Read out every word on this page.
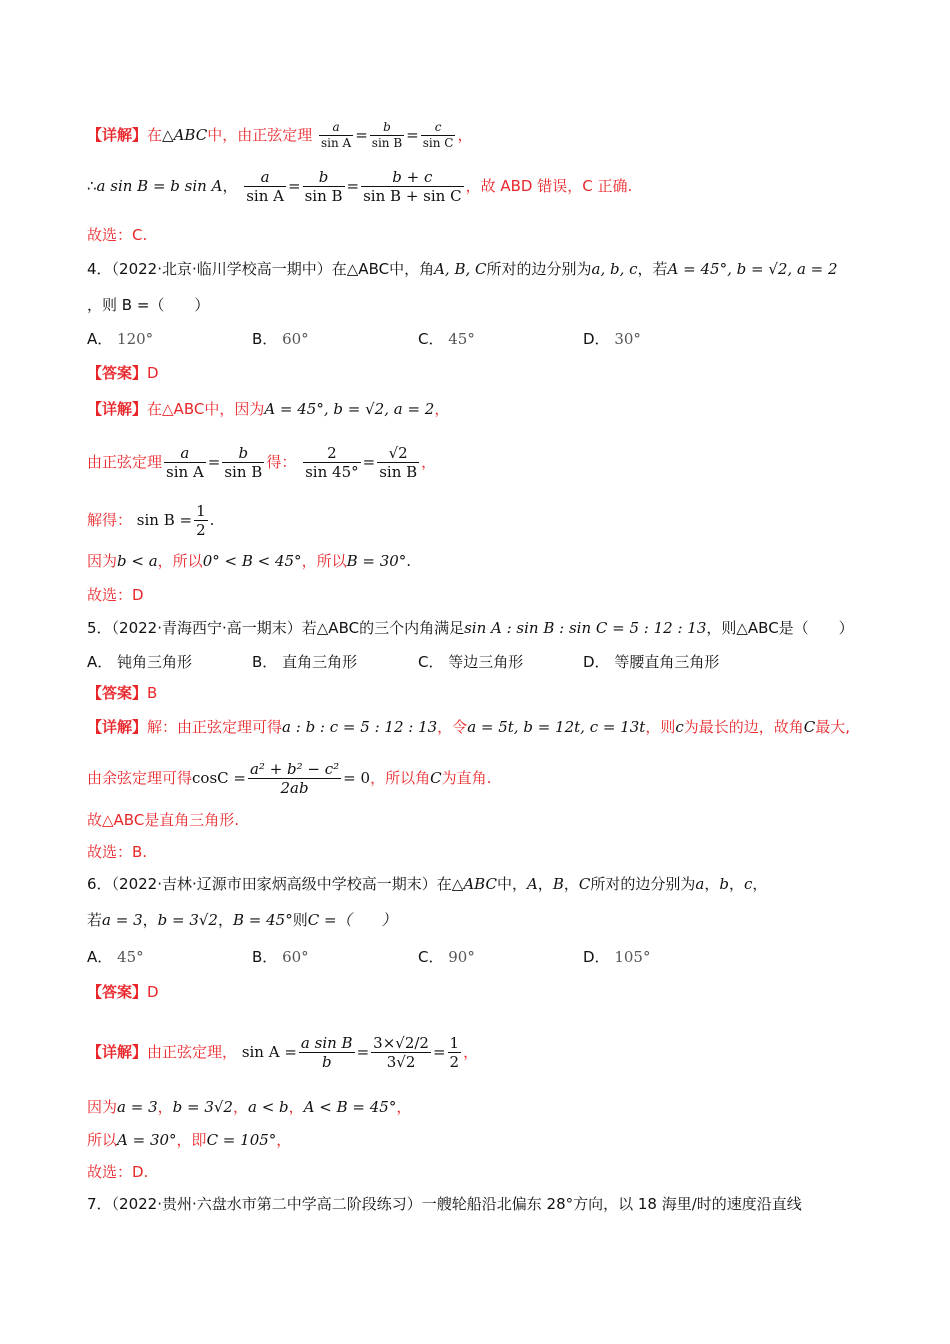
【详解】在△ABC中，由正弦定理 $\frac{a}{\text{sin A}} = \frac{b}{\text{sin B}} = \frac{c}{\text{sin C}}$ ，
∴a sin B = b sin A， $\frac{a}{\text{sin A}} = \frac{b}{\text{sin B}} = \frac{b + c}{\text{sin B + sin C}}$ ，故 ABD 错误，C 正确.
故选：C.
4．（2022·北京·临川学校高一期中）在△ABC中，角A, B, C所对的边分别为a, b, c，若A = 45°, b = √2, a = 2
，则 B =（　　）
A． 120°	B． 60°	C． 45°	D． 30°
【答案】D
【详解】在△ABC中，因为A = 45°, b = √2, a = 2，
由正弦定理 $\frac{a}{\text{sin A}} = \frac{b}{\text{sin B}}$ 得： $\frac{2}{\sin 45^\circ} = \frac{√2}{\text{sin B}}$ ，
解得： $\sin B = \frac{1}{2}$ .
因为b < a，所以0° < B < 45°，所以B = 30°.
故选：D
5．（2022·青海西宁·高一期末）若△ABC的三个内角满足sin A : sin B : sin C = 5 : 12 : 13，则△ABC是（　　）
A． 钝角三角形	B． 直角三角形	C． 等边三角形	D． 等腰直角三角形
【答案】B
【详解】解：由正弦定理可得a : b : c = 5 : 12 : 13，令a = 5t, b = 12t, c = 13t，则c为最长的边，故角C最大,
由余弦定理可得$\cos C = \frac{\text{a² + b² − c²}}{2ab} = 0$，所以角C为直角.
故△ABC是直角三角形.
故选：B.
6．（2022·吉林·辽源市田家炳高级中学校高一期末）在△ABC中，A，B，C所对的边分别为a，b，c，
若a = 3，b = 3√2，B = 45°则C =（　　）
A． 45°	B． 60°	C． 90°	D． 105°
【答案】D
【详解】由正弦定理， $\sin A = \frac{\text{a sin B}}{b} = \frac{3\times√2/2}{3√2} = \frac{1}{2}$ ，
因为a = 3，b = 3√2，a < b，A < B = 45°，
所以A = 30°，即C = 105°，
故选：D.
7．（2022·贵州·六盘水市第二中学高二阶段练习）一艘轮船沿北偏东 28°方向，以 18 海里/时的速度沿直线
